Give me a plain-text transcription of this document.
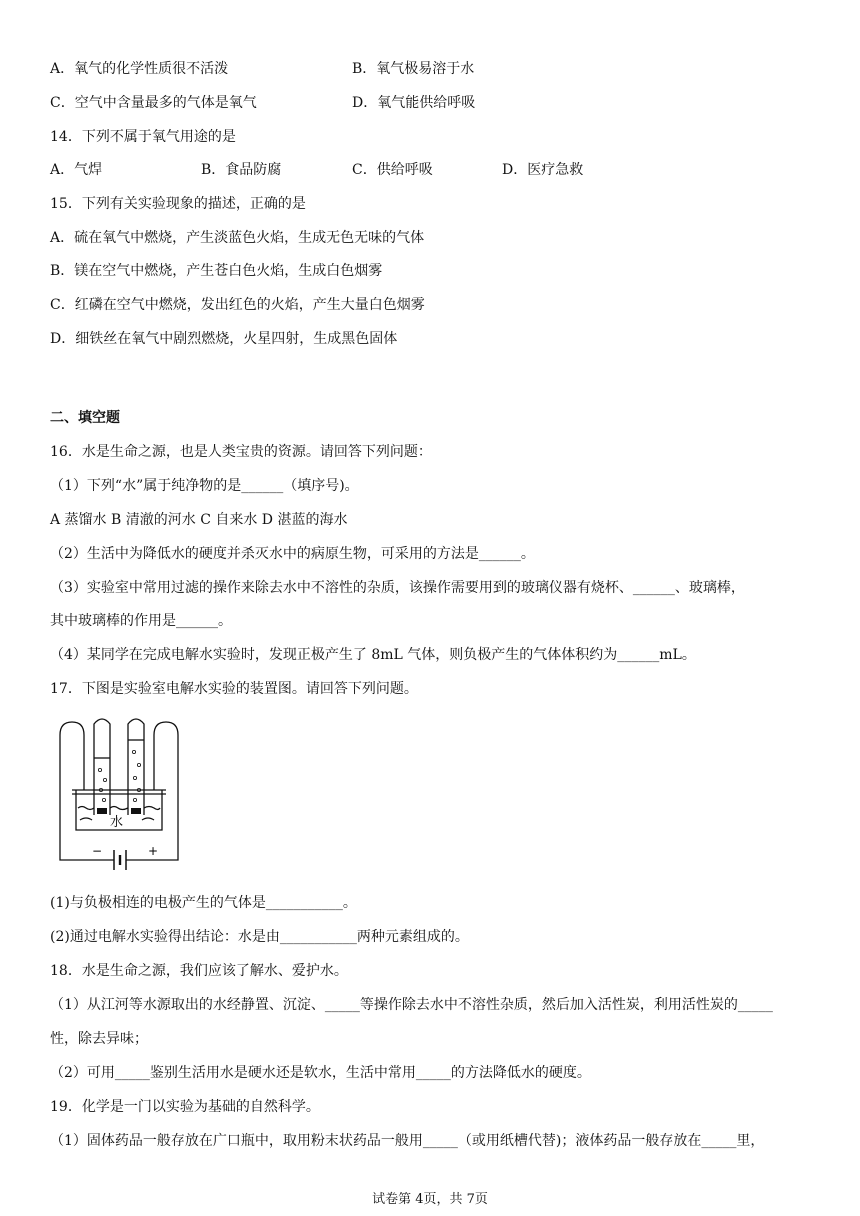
A．氧气的化学性质很不活泼	B．氧气极易溶于水
C．空气中含量最多的气体是氧气	D．氧气能供给呼吸
14．下列不属于氧气用途的是
A．气焊	B．食品防腐	C．供给呼吸	D．医疗急救
15．下列有关实验现象的描述，正确的是
A．硫在氧气中燃烧，产生淡蓝色火焰，生成无色无味的气体
B．镁在空气中燃烧，产生苍白色火焰，生成白色烟雾
C．红磷在空气中燃烧，发出红色的火焰，产生大量白色烟雾
D．细铁丝在氧气中剧烈燃烧，火星四射，生成黑色固体
二、填空题
16．水是生命之源，也是人类宝贵的资源。请回答下列问题：
（1）下列“水”属于纯净物的是______（填序号)。
A 蒸馏水 B 清澈的河水 C 自来水 D 湛蓝的海水
（2）生活中为降低水的硬度并杀灭水中的病原生物，可采用的方法是______。
（3）实验室中常用过滤的操作来除去水中不溶性的杂质，该操作需要用到的玻璃仪器有烧杯、______、玻璃棒，
其中玻璃棒的作用是______。
（4）某同学在完成电解水实验时，发现正极产生了 8mL 气体，则负极产生的气体体积约为______mL。
17．下图是实验室电解水实验的装置图。请回答下列问题。
水
−	+
(1)与负极相连的电极产生的气体是___________。
(2)通过电解水实验得出结论：水是由___________两种元素组成的。
18．水是生命之源，我们应该了解水、爱护水。
（1）从江河等水源取出的水经静置、沉淀、_____等操作除去水中不溶性杂质，然后加入活性炭，利用活性炭的_____
性，除去异味；
（2）可用_____鉴别生活用水是硬水还是软水，生活中常用_____的方法降低水的硬度。
19．化学是一门以实验为基础的自然科学。
（1）固体药品一般存放在广口瓶中，取用粉末状药品一般用_____（或用纸槽代替)；液体药品一般存放在_____里，
试卷第 4页，共 7页
